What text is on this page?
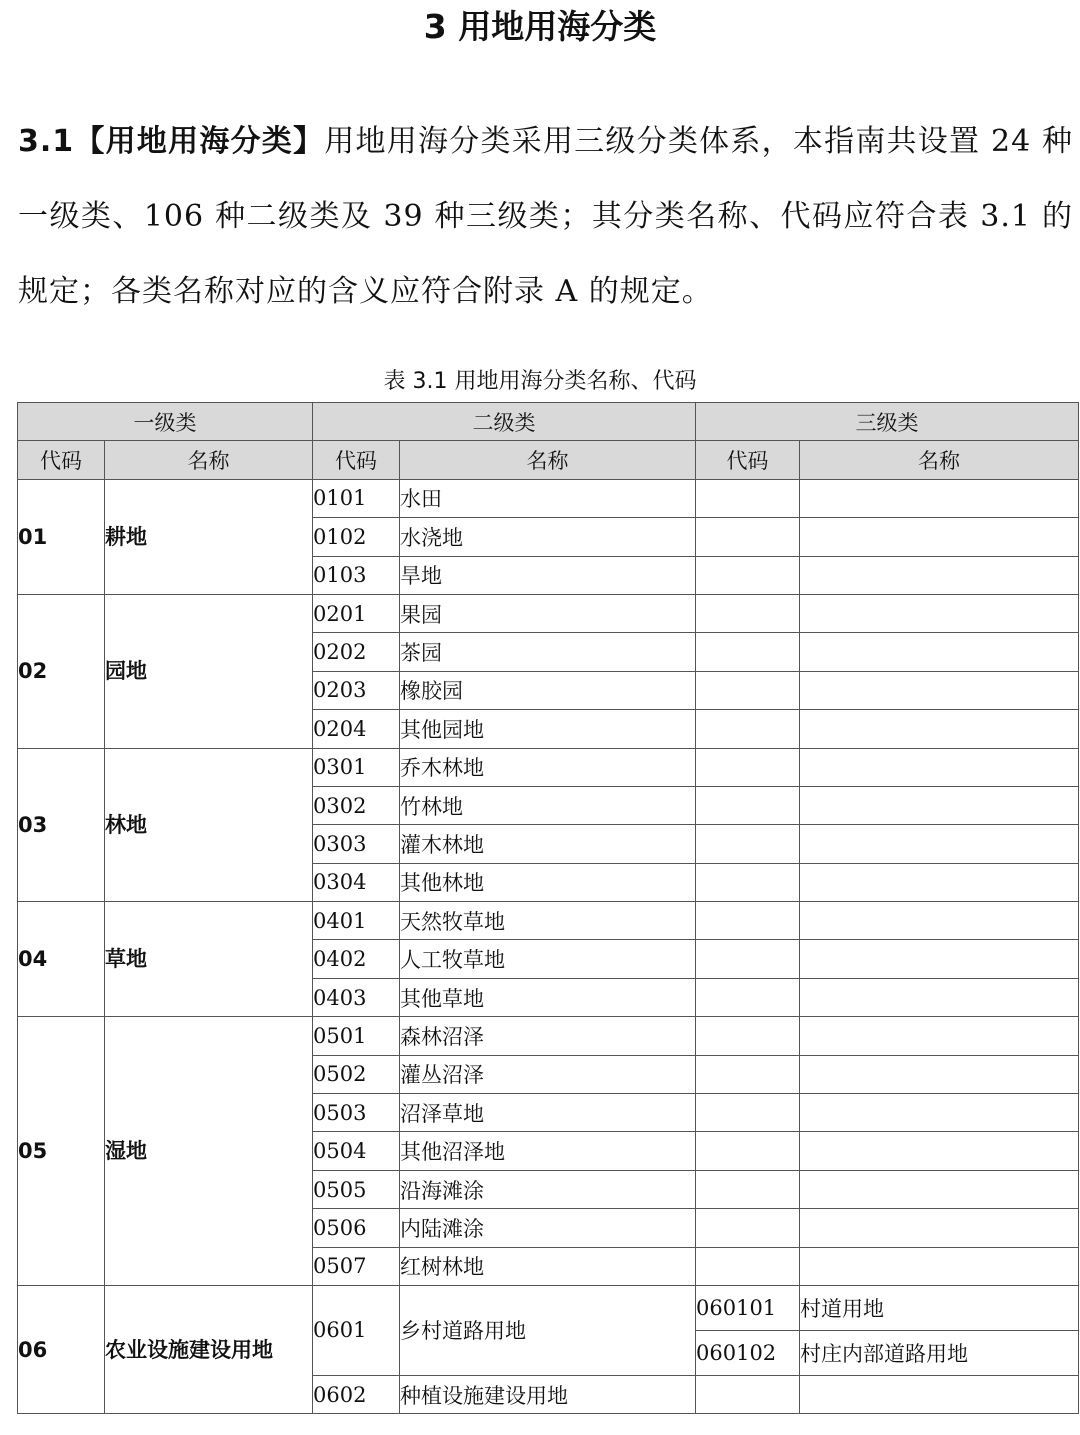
3 用地用海分类
3.1【用地用海分类】用地用海分类采用三级分类体系，本指南共设置 24 种一级类、106 种二级类及 39 种三级类；其分类名称、代码应符合表 3.1 的规定；各类名称对应的含义应符合附录 A 的规定。
表 3.1 用地用海分类名称、代码
一级类		二级类		三级类	
代码	名称	代码	名称	代码	名称
01	耕地	0101	水田		
		0102	水浇地		
		0103	旱地		
02	园地	0201	果园		
		0202	茶园		
		0203	橡胶园		
		0204	其他园地		
03	林地	0301	乔木林地		
		0302	竹林地		
		0303	灌木林地		
		0304	其他林地		
04	草地	0401	天然牧草地		
		0402	人工牧草地		
		0403	其他草地		
05	湿地	0501	森林沼泽		
		0502	灌丛沼泽		
		0503	沼泽草地		
		0504	其他沼泽地		
		0505	沿海滩涂		
		0506	内陆滩涂		
		0507	红树林地		
06	农业设施建设用地	0601	乡村道路用地	060101	村道用地
				060102	村庄内部道路用地
		0602	种植设施建设用地		
